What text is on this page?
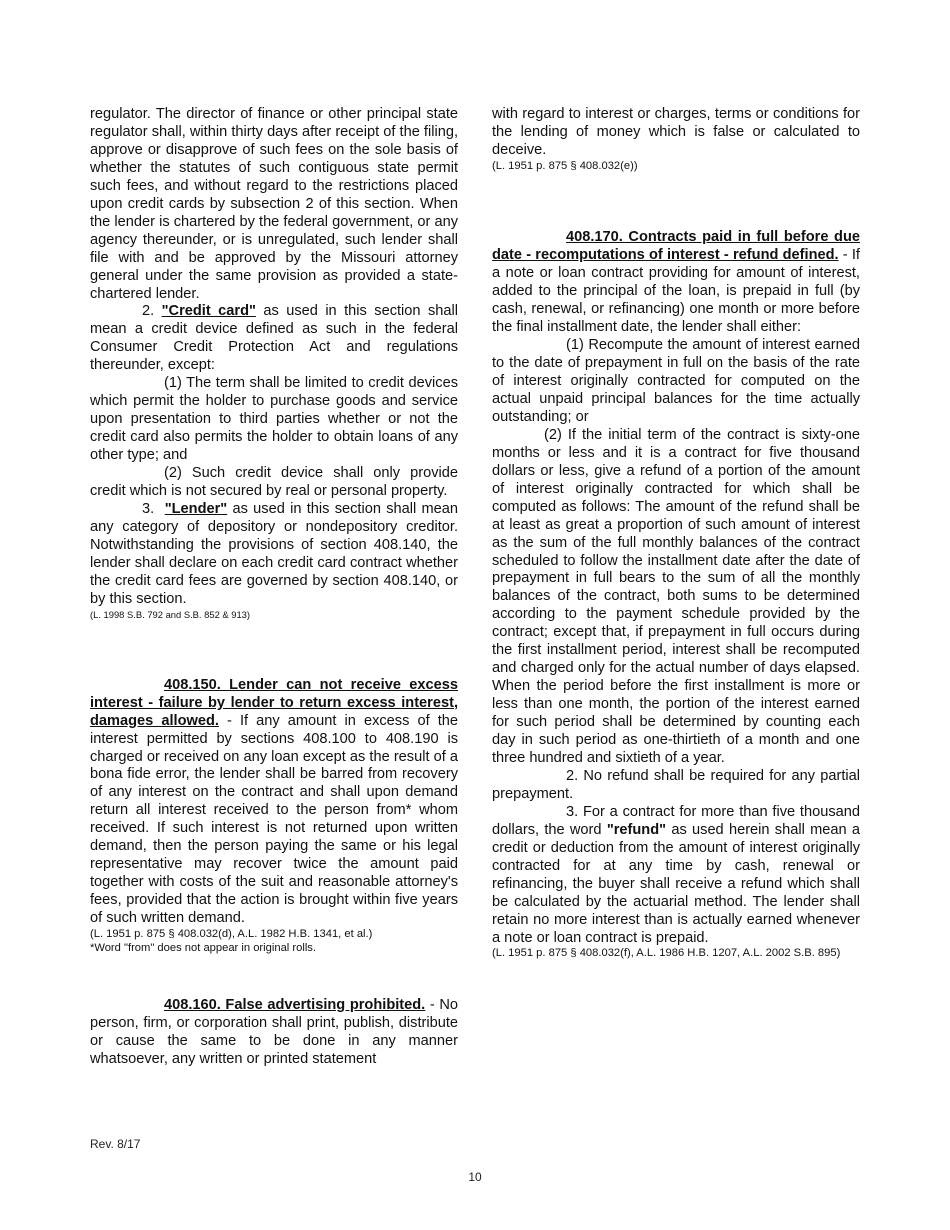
regulator. The director of finance or other principal state regulator shall, within thirty days after receipt of the filing, approve or disapprove of such fees on the sole basis of whether the statutes of such contiguous state permit such fees, and without regard to the restrictions placed upon credit cards by subsection 2 of this section. When the lender is chartered by the federal government, or any agency thereunder, or is unregulated, such lender shall file with and be approved by the Missouri attorney general under the same provision as provided a state-chartered lender.

2. "Credit card" as used in this section shall mean a credit device defined as such in the federal Consumer Credit Protection Act and regulations thereunder, except:

(1) The term shall be limited to credit devices which permit the holder to purchase goods and service upon presentation to third parties whether or not the credit card also permits the holder to obtain loans of any other type; and

(2) Such credit device shall only provide credit which is not secured by real or personal property.

3. "Lender" as used in this section shall mean any category of depository or nondepository creditor. Notwithstanding the provisions of section 408.140, the lender shall declare on each credit card contract whether the credit card fees are governed by section 408.140, or by this section.

(L. 1998 S.B. 792 and S.B. 852 & 913)

408.150. Lender can not receive excess interest - failure by lender to return excess interest, damages allowed. - If any amount in excess of the interest permitted by sections 408.100 to 408.190 is charged or received on any loan except as the result of a bona fide error, the lender shall be barred from recovery of any interest on the contract and shall upon demand return all interest received to the person from* whom received. If such interest is not returned upon written demand, then the person paying the same or his legal representative may recover twice the amount paid together with costs of the suit and reasonable attorney's fees, provided that the action is brought within five years of such written demand.

(L. 1951 p. 875 § 408.032(d), A.L. 1982 H.B. 1341, et al.)

*Word "from" does not appear in original rolls.

408.160. False advertising prohibited. - No person, firm, or corporation shall print, publish, distribute or cause the same to be done in any manner whatsoever, any written or printed statement

with regard to interest or charges, terms or conditions for the lending of money which is false or calculated to deceive.

(L. 1951 p. 875 § 408.032(e))

408.170. Contracts paid in full before due date - recomputations of interest - refund defined. - If a note or loan contract providing for amount of interest, added to the principal of the loan, is prepaid in full (by cash, renewal, or refinancing) one month or more before the final installment date, the lender shall either:

(1) Recompute the amount of interest earned to the date of prepayment in full on the basis of the rate of interest originally contracted for computed on the actual unpaid principal balances for the time actually outstanding; or

(2) If the initial term of the contract is sixty-one months or less and it is a contract for five thousand dollars or less, give a refund of a portion of the amount of interest originally contracted for which shall be computed as follows: The amount of the refund shall be at least as great a proportion of such amount of interest as the sum of the full monthly balances of the contract scheduled to follow the installment date after the date of prepayment in full bears to the sum of all the monthly balances of the contract, both sums to be determined according to the payment schedule provided by the contract; except that, if prepayment in full occurs during the first installment period, interest shall be recomputed and charged only for the actual number of days elapsed. When the period before the first installment is more or less than one month, the portion of the interest earned for such period shall be determined by counting each day in such period as one-thirtieth of a month and one three hundred and sixtieth of a year.

2. No refund shall be required for any partial prepayment.

3. For a contract for more than five thousand dollars, the word "refund" as used herein shall mean a credit or deduction from the amount of interest originally contracted for at any time by cash, renewal or refinancing, the buyer shall receive a refund which shall be calculated by the actuarial method. The lender shall retain no more interest than is actually earned whenever a note or loan contract is prepaid.

(L. 1951 p. 875 § 408.032(f), A.L. 1986 H.B. 1207, A.L. 2002 S.B. 895)

Rev. 8/17
10
